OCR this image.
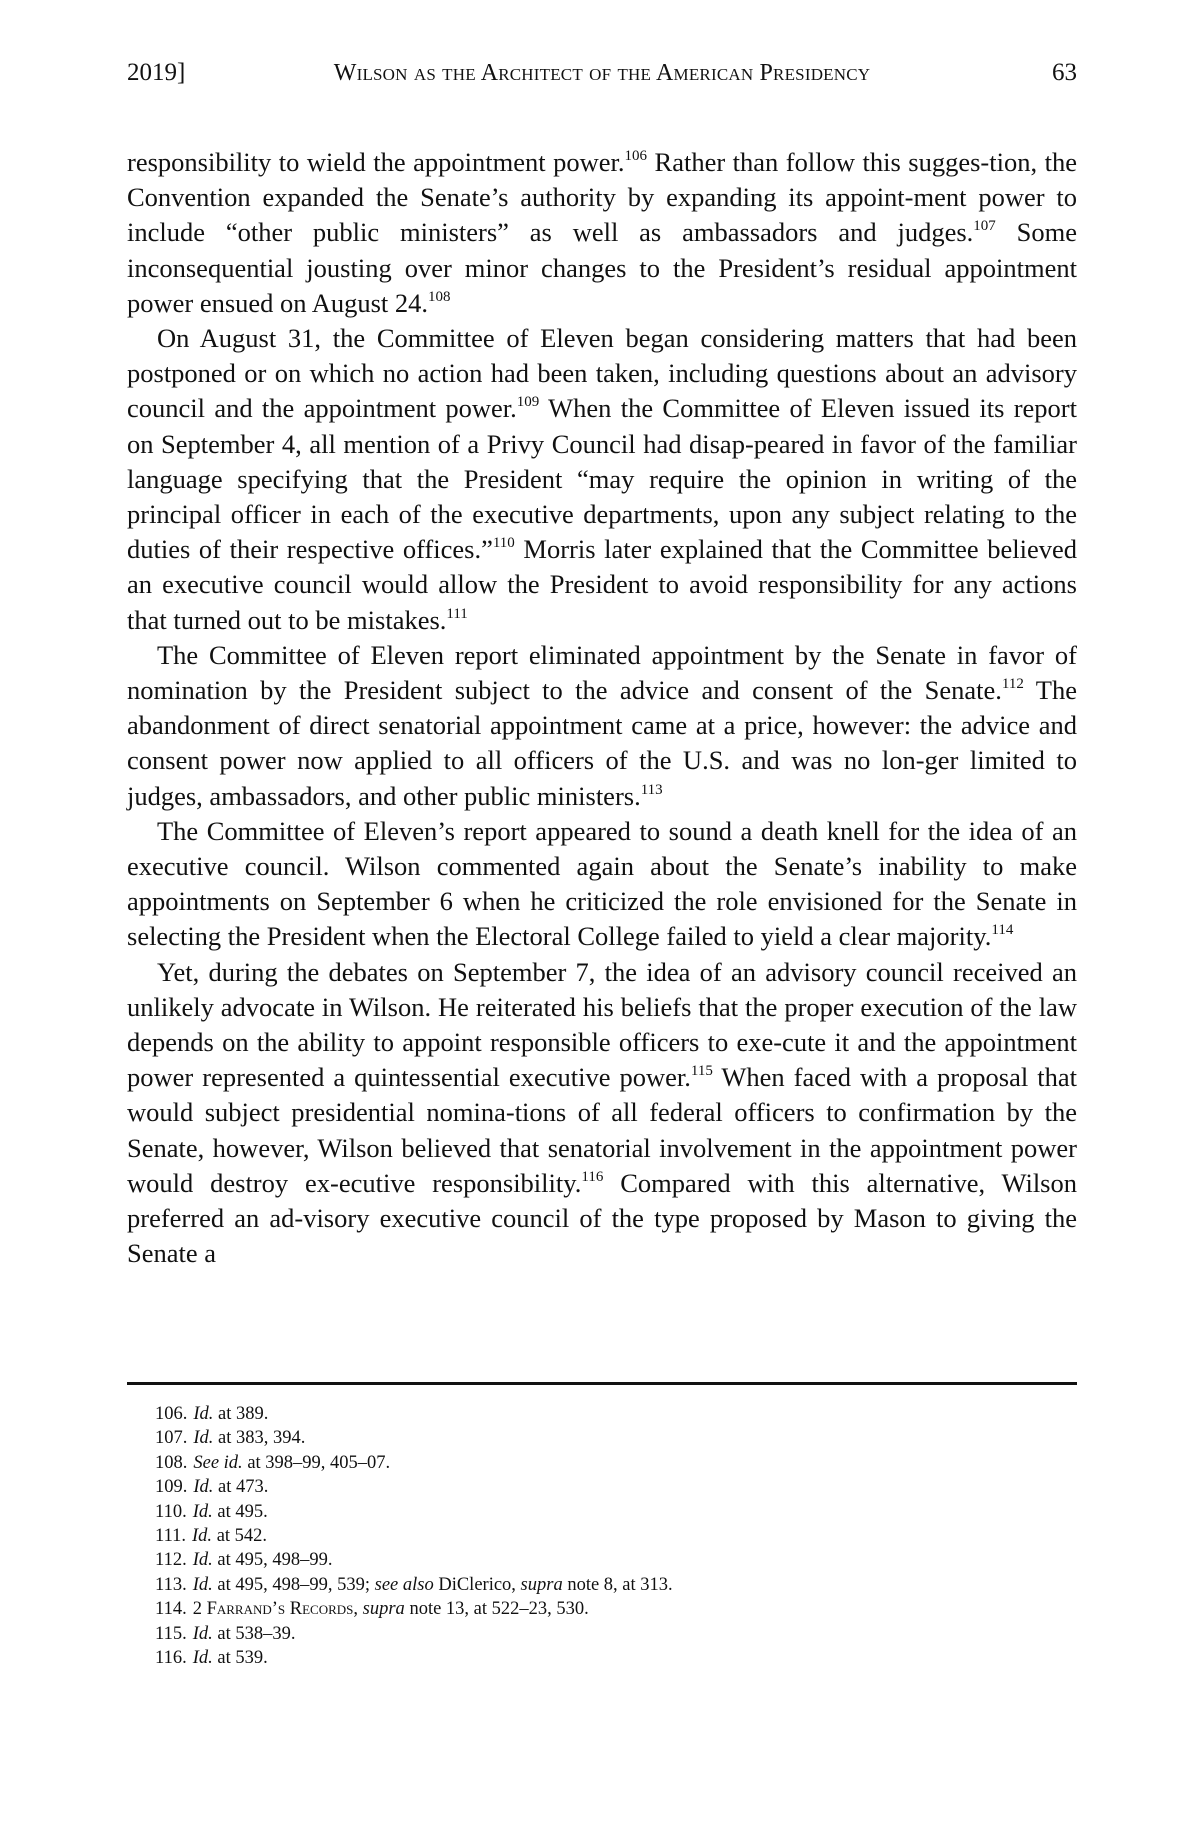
2019]	Wilson as the Architect of the American Presidency	63

responsibility to wield the appointment power.$^{106}$ Rather than follow this sugges-tion, the Convention expanded the Senate’s authority by expanding its appoint-ment power to include “other public ministers” as well as ambassadors and judges.$^{107}$ Some inconsequential jousting over minor changes to the President’s residual appointment power ensued on August 24.$^{108}$

On August 31, the Committee of Eleven began considering matters that had been postponed or on which no action had been taken, including questions about an advisory council and the appointment power.$^{109}$ When the Committee of Eleven issued its report on September 4, all mention of a Privy Council had disap-peared in favor of the familiar language specifying that the President “may require the opinion in writing of the principal officer in each of the executive departments, upon any subject relating to the duties of their respective offices.”$^{110}$ Morris later explained that the Committee believed an executive council would allow the President to avoid responsibility for any actions that turned out to be mistakes.$^{111}$

The Committee of Eleven report eliminated appointment by the Senate in favor of nomination by the President subject to the advice and consent of the Senate.$^{112}$ The abandonment of direct senatorial appointment came at a price, however: the advice and consent power now applied to all officers of the U.S. and was no lon-ger limited to judges, ambassadors, and other public ministers.$^{113}$

The Committee of Eleven’s report appeared to sound a death knell for the idea of an executive council. Wilson commented again about the Senate’s inability to make appointments on September 6 when he criticized the role envisioned for the Senate in selecting the President when the Electoral College failed to yield a clear majority.$^{114}$

Yet, during the debates on September 7, the idea of an advisory council received an unlikely advocate in Wilson. He reiterated his beliefs that the proper execution of the law depends on the ability to appoint responsible officers to exe-cute it and the appointment power represented a quintessential executive power.$^{115}$ When faced with a proposal that would subject presidential nomina-tions of all federal officers to confirmation by the Senate, however, Wilson believed that senatorial involvement in the appointment power would destroy ex-ecutive responsibility.$^{116}$ Compared with this alternative, Wilson preferred an ad-visory executive council of the type proposed by Mason to giving the Senate a

106. Id. at 389.
107. Id. at 383, 394.
108. See id. at 398–99, 405–07.
109. Id. at 473.
110. Id. at 495.
111. Id. at 542.
112. Id. at 495, 498–99.
113. Id. at 495, 498–99, 539; see also DiClerico, supra note 8, at 313.
114. 2 Farrand’s Records, supra note 13, at 522–23, 530.
115. Id. at 538–39.
116. Id. at 539.
